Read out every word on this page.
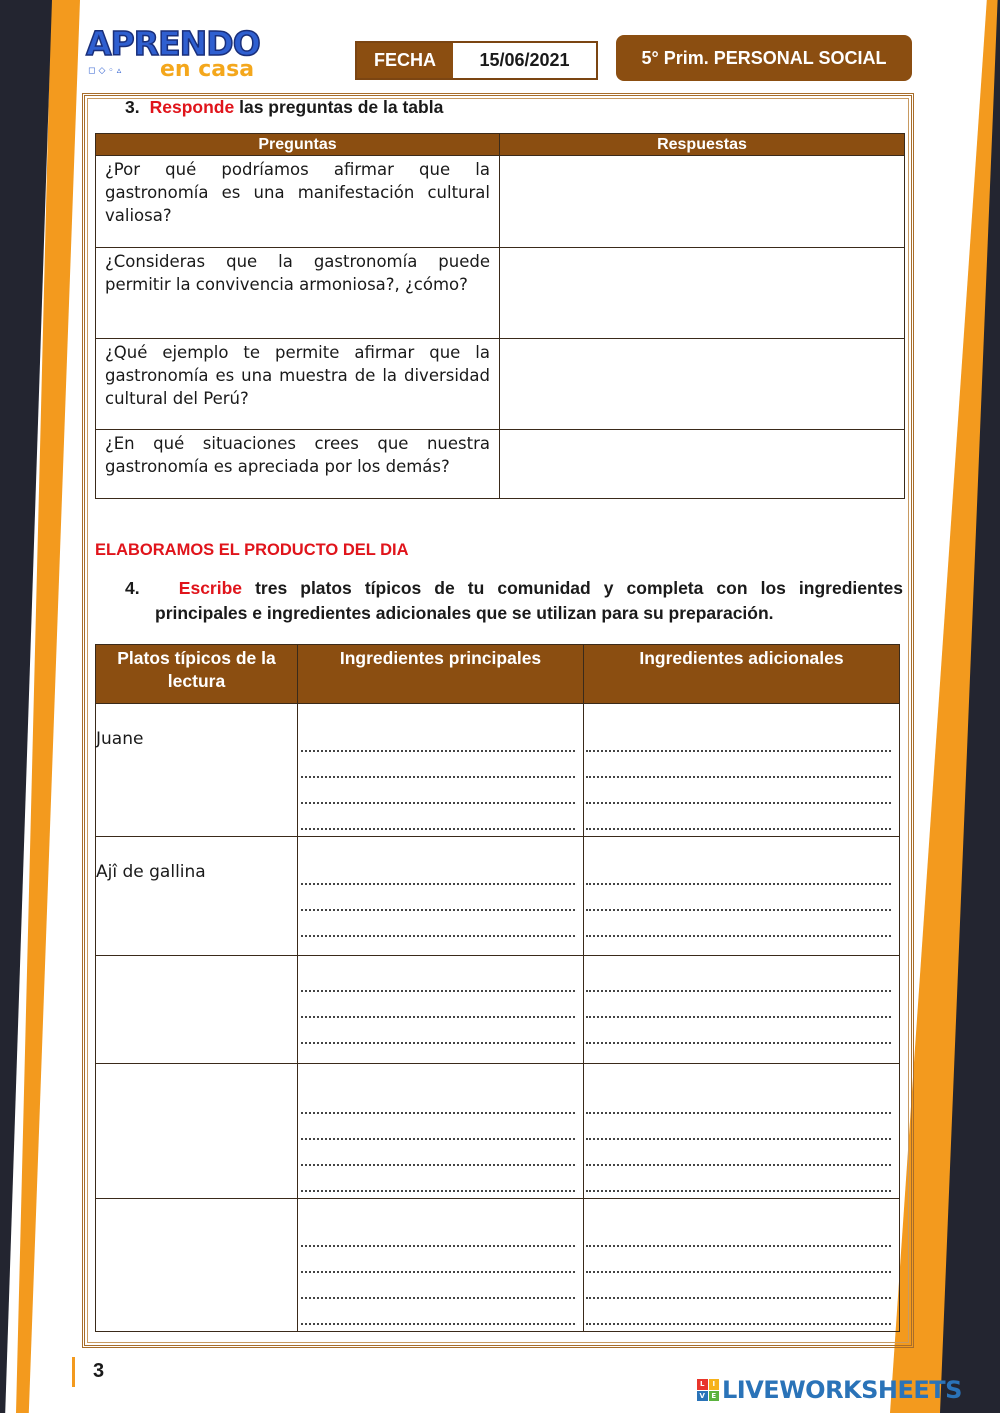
APRENDO
◻◇◦▵ en casa	FECHA	15/06/2021	5° Prim. PERSONAL SOCIAL
3. Responde las preguntas de la tabla
Preguntas	Respuestas
¿Por qué podríamos afirmar que la gastronomía es una manifestación cultural valiosa?	
¿Consideras que la gastronomía puede permitir la convivencia armoniosa?, ¿cómo?	
¿Qué ejemplo te permite afirmar que la gastronomía es una muestra de la diversidad cultural del Perú?	
¿En qué situaciones crees que nuestra gastronomía es apreciada por los demás?	
ELABORAMOS EL PRODUCTO DEL DIA
4. Escribe tres platos típicos de tu comunidad y completa con los ingredientes
principales e ingredientes adicionales que se utilizan para su preparación.
Platos típicos de la lectura	Ingredientes principales	Ingredientes adicionales
Juane	

Ajî de gallina	

3
L	I
V E LIVEWORKSHEETS
